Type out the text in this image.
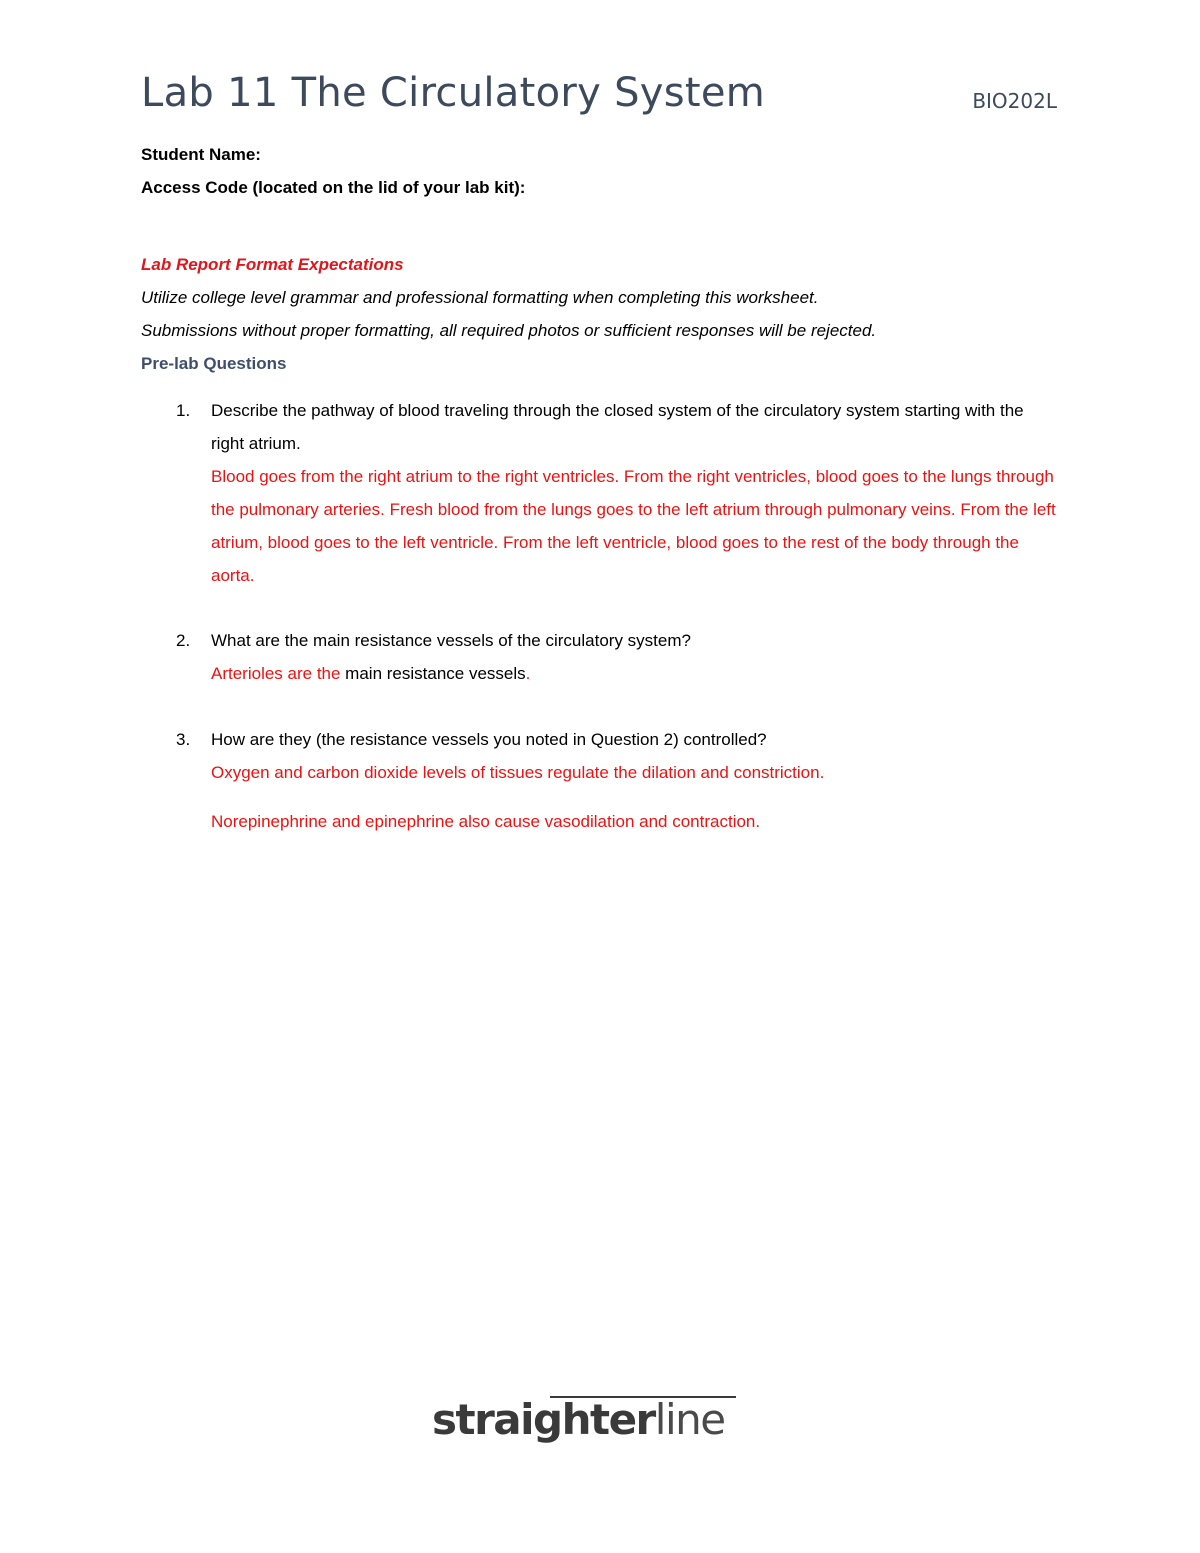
Lab 11 The Circulatory System	BIO202L
Student Name:
Access Code (located on the lid of your lab kit):
Lab Report Format Expectations
Utilize college level grammar and professional formatting when completing this worksheet.
Submissions without proper formatting, all required photos or sufficient responses will be rejected.
Pre-lab Questions
1.	Describe the pathway of blood traveling through the closed system of the circulatory system starting with the right atrium.
Blood goes from the right atrium to the right ventricles. From the right ventricles, blood goes to the lungs through the pulmonary arteries. Fresh blood from the lungs goes to the left atrium through pulmonary veins. From the left atrium, blood goes to the left ventricle. From the left ventricle, blood goes to the rest of the body through the aorta.
2.	What are the main resistance vessels of the circulatory system?
Arterioles are the main resistance vessels.
3.	How are they (the resistance vessels you noted in Question 2) controlled?
Oxygen and carbon dioxide levels of tissues regulate the dilation and constriction.
Norepinephrine and epinephrine also cause vasodilation and contraction.
straighterline
